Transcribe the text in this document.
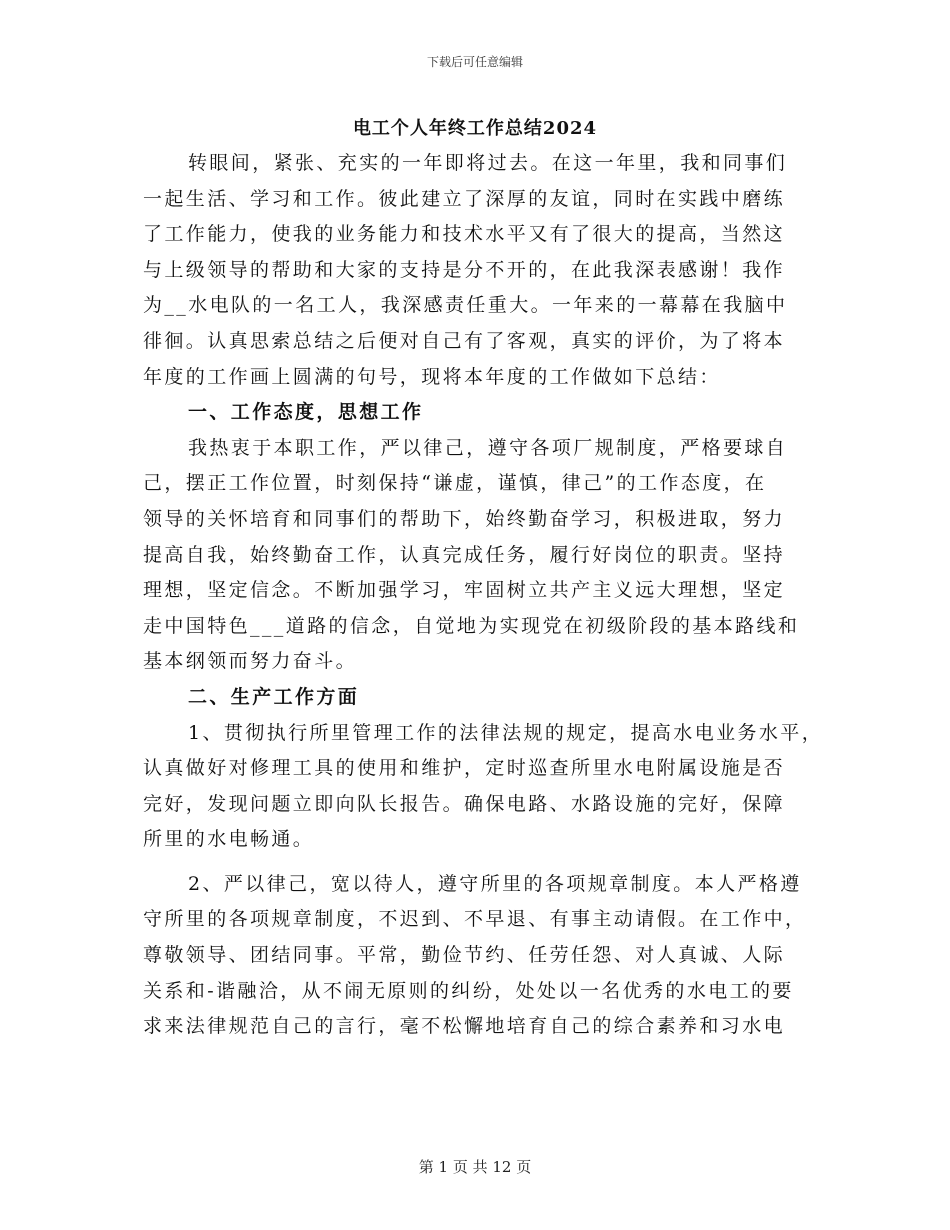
下载后可任意编辑
电工个人年终工作总结2024
转眼间，紧张、充实的一年即将过去。在这一年里，我和同事们
一起生活、学习和工作。彼此建立了深厚的友谊，同时在实践中磨练
了工作能力，使我的业务能力和技术水平又有了很大的提高，当然这
与上级领导的帮助和大家的支持是分不开的，在此我深表感谢！我作
为__水电队的一名工人，我深感责任重大。一年来的一幕幕在我脑中
徘徊。认真思索总结之后便对自己有了客观，真实的评价，为了将本
年度的工作画上圆满的句号，现将本年度的工作做如下总结：
一、工作态度，思想工作
我热衷于本职工作，严以律己，遵守各项厂规制度，严格要球自
己，摆正工作位置，时刻保持“谦虚，谨慎，律己”的工作态度，在
领导的关怀培育和同事们的帮助下，始终勤奋学习，积极进取，努力
提高自我，始终勤奋工作，认真完成任务，履行好岗位的职责。坚持
理想，坚定信念。不断加强学习，牢固树立共产主义远大理想，坚定
走中国特色___道路的信念，自觉地为实现党在初级阶段的基本路线和
基本纲领而努力奋斗。
二、生产工作方面
1、贯彻执行所里管理工作的法律法规的规定，提高水电业务水平，
认真做好对修理工具的使用和维护，定时巡查所里水电附属设施是否
完好，发现问题立即向队长报告。确保电路、水路设施的完好，保障
所里的水电畅通。
2、严以律己，宽以待人，遵守所里的各项规章制度。本人严格遵
守所里的各项规章制度，不迟到、不早退、有事主动请假。在工作中，
尊敬领导、团结同事。平常，勤俭节约、任劳任怨、对人真诚、人际
关系和-谐融洽，从不闹无原则的纠纷，处处以一名优秀的水电工的要
求来法律规范自己的言行，毫不松懈地培育自己的综合素养和习水电
第 1 页 共 12 页
